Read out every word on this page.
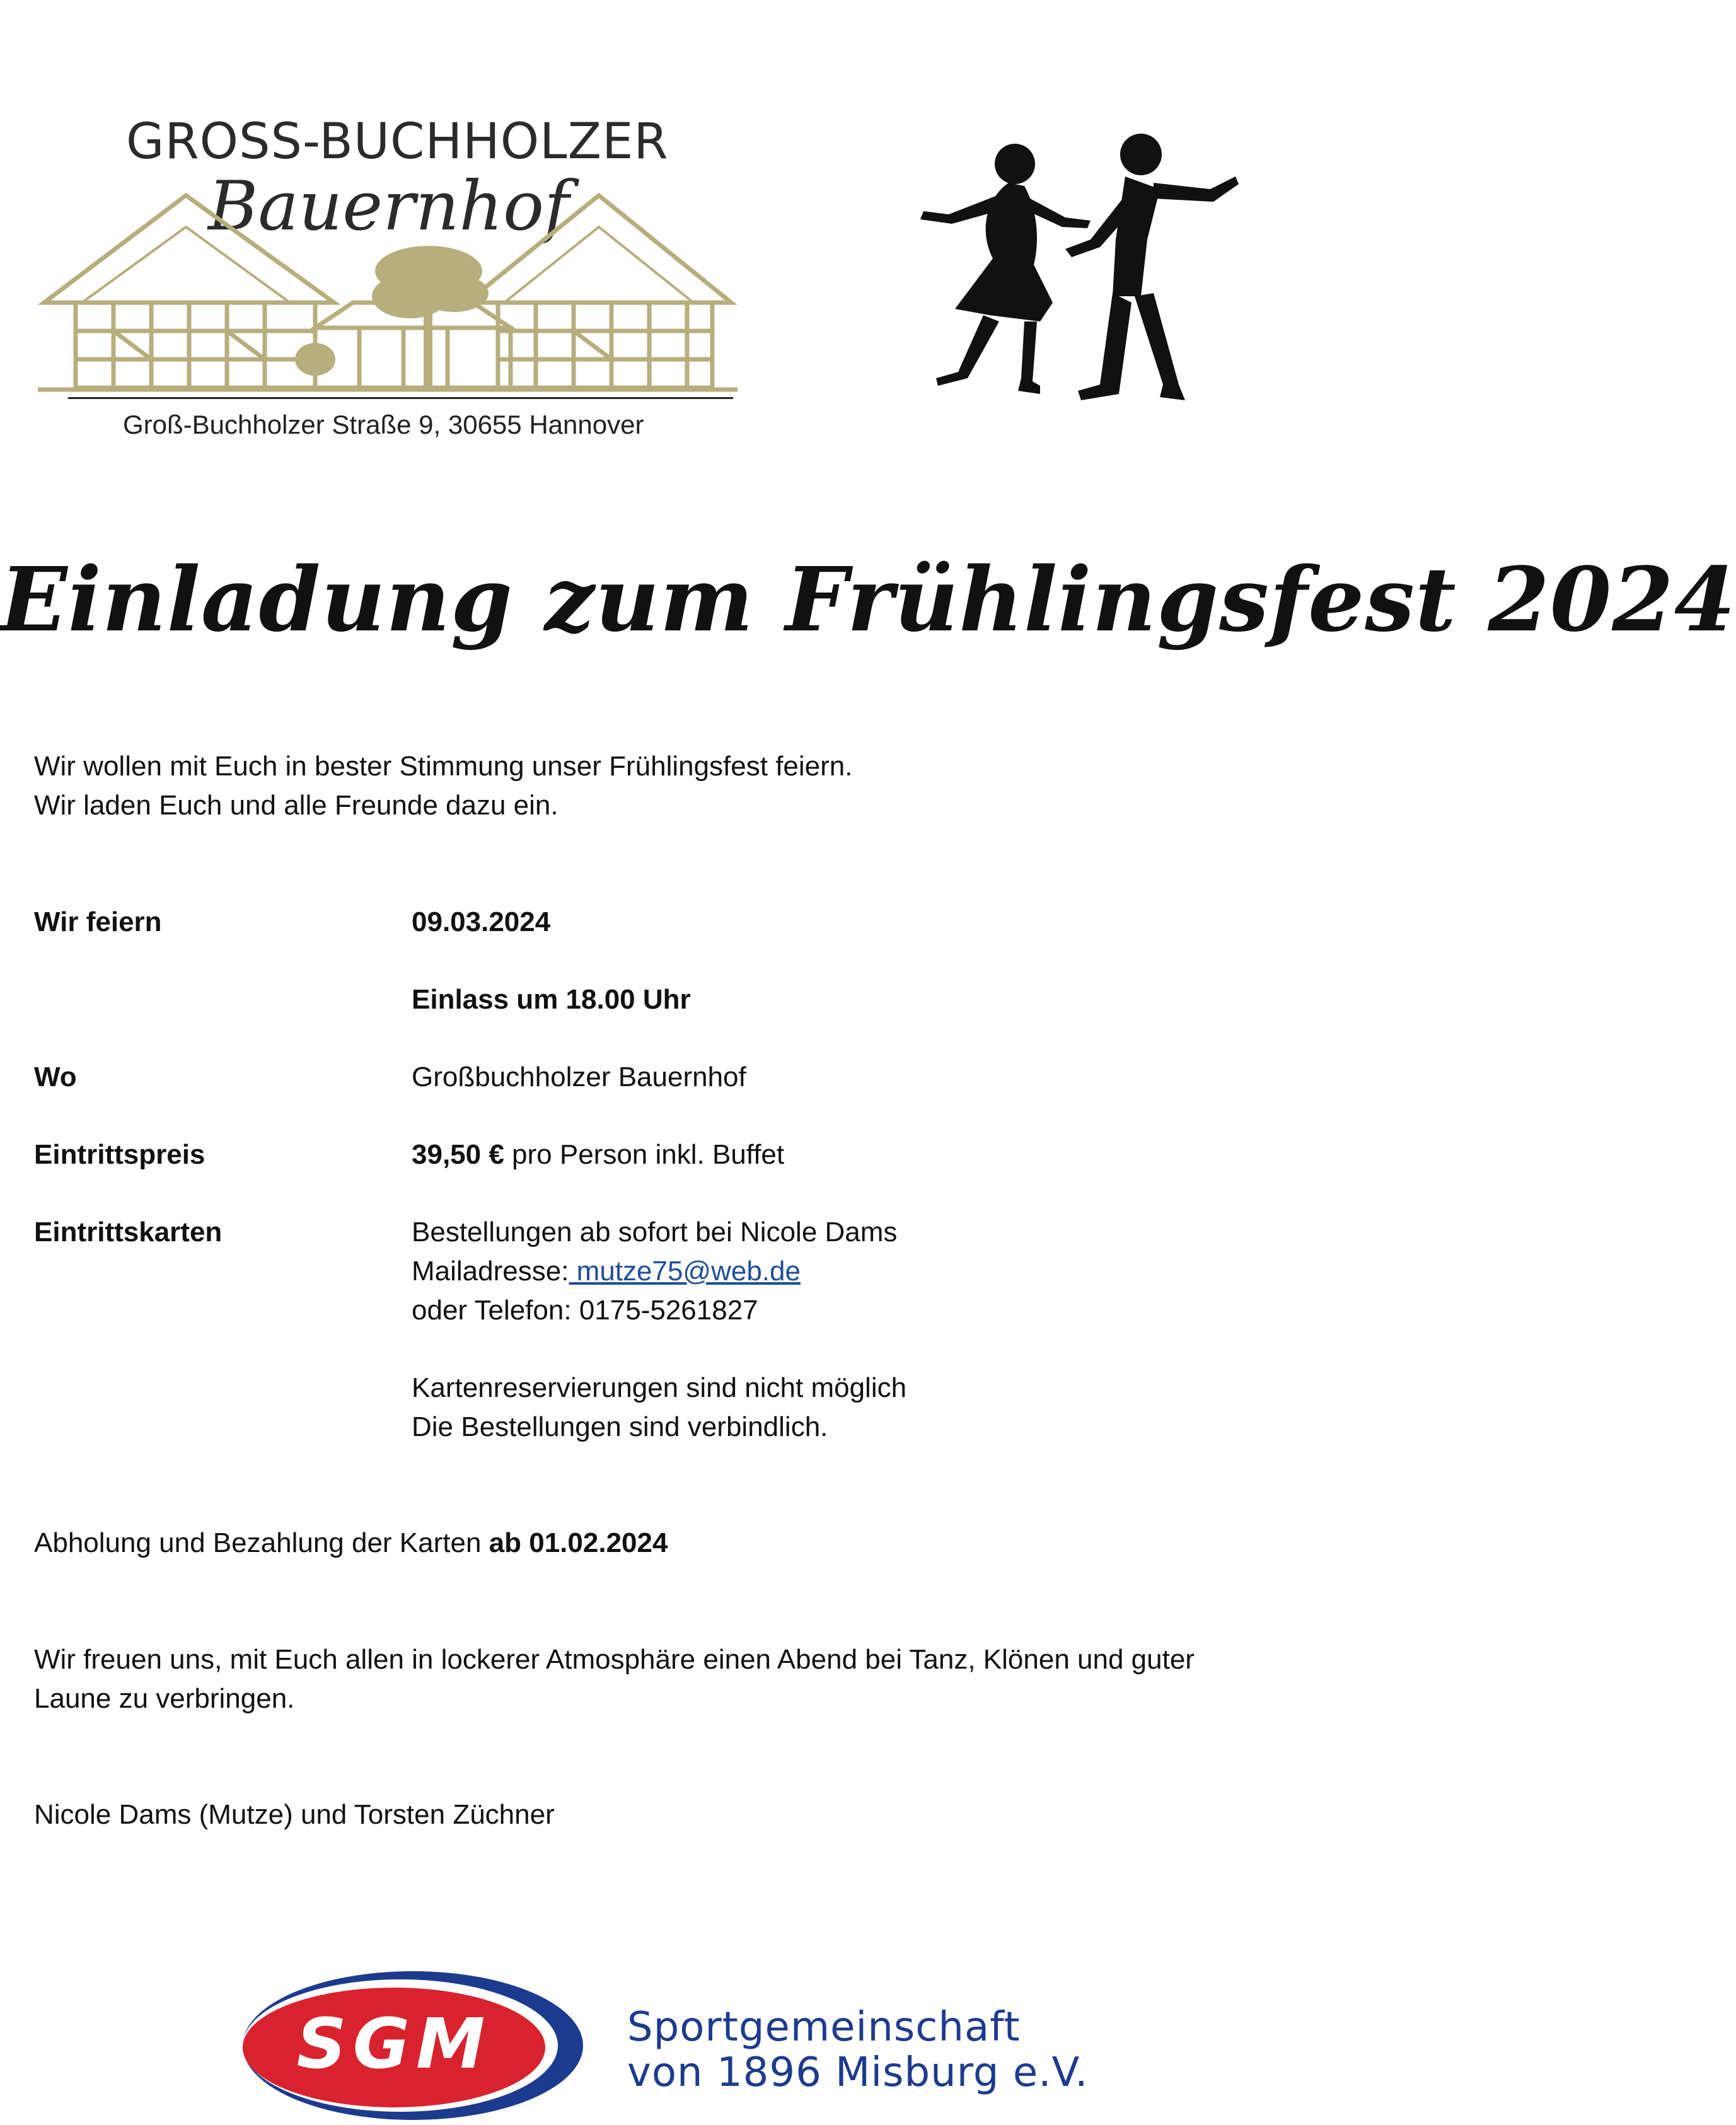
GROSS-BUCHHOLZER
Bauernhof
Groß-Buchholzer Straße 9, 30655 Hannover
Einladung zum Frühlingsfest 2024
Wir wollen mit Euch in bester Stimmung unser Frühlingsfest feiern.
Wir laden Euch und alle Freunde dazu ein.
Wir feiern	09.03.2024
Einlass um 18.00 Uhr
Wo	Großbuchholzer Bauernhof
Eintrittspreis	39,50 € pro Person inkl. Buffet
Eintrittskarten	Bestellungen ab sofort bei Nicole Dams
Mailadresse: mutze75@web.de
oder Telefon: 0175-5261827
Kartenreservierungen sind nicht möglich
Die Bestellungen sind verbindlich.
Abholung und Bezahlung der Karten ab 01.02.2024
Wir freuen uns, mit Euch allen in lockerer Atmosphäre einen Abend bei Tanz, Klönen und guter
Laune zu verbringen.
Nicole Dams (Mutze) und Torsten Züchner
SGM	Sportgemeinschaft
von 1896 Misburg e.V.
